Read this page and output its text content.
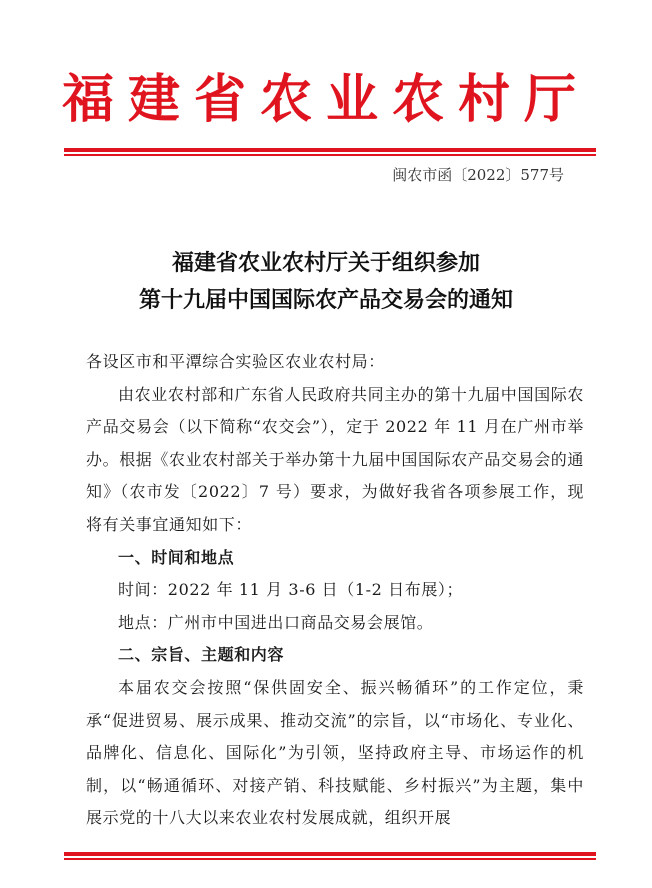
福建省农业农村厅
闽农市函〔2022〕577号
福建省农业农村厅关于组织参加
第十九届中国国际农产品交易会的通知

各设区市和平潭综合实验区农业农村局：

由农业农村部和广东省人民政府共同主办的第十九届中国国际农产品交易会（以下简称“农交会”），定于 2022 年 11 月在广州市举办。根据《农业农村部关于举办第十九届中国国际农产品交易会的通知》（农市发〔2022〕7 号）要求，为做好我省各项参展工作，现将有关事宜通知如下：

一、时间和地点

时间：2022 年 11 月 3-6 日（1-2 日布展）；

地点：广州市中国进出口商品交易会展馆。

二、宗旨、主题和内容

本届农交会按照“保供固安全、振兴畅循环”的工作定位，秉承“促进贸易、展示成果、推动交流”的宗旨，以“市场化、专业化、品牌化、信息化、国际化”为引领，坚持政府主导、市场运作的机制，以“畅通循环、对接产销、科技赋能、乡村振兴”为主题，集中展示党的十八大以来农业农村发展成就，组织开展
